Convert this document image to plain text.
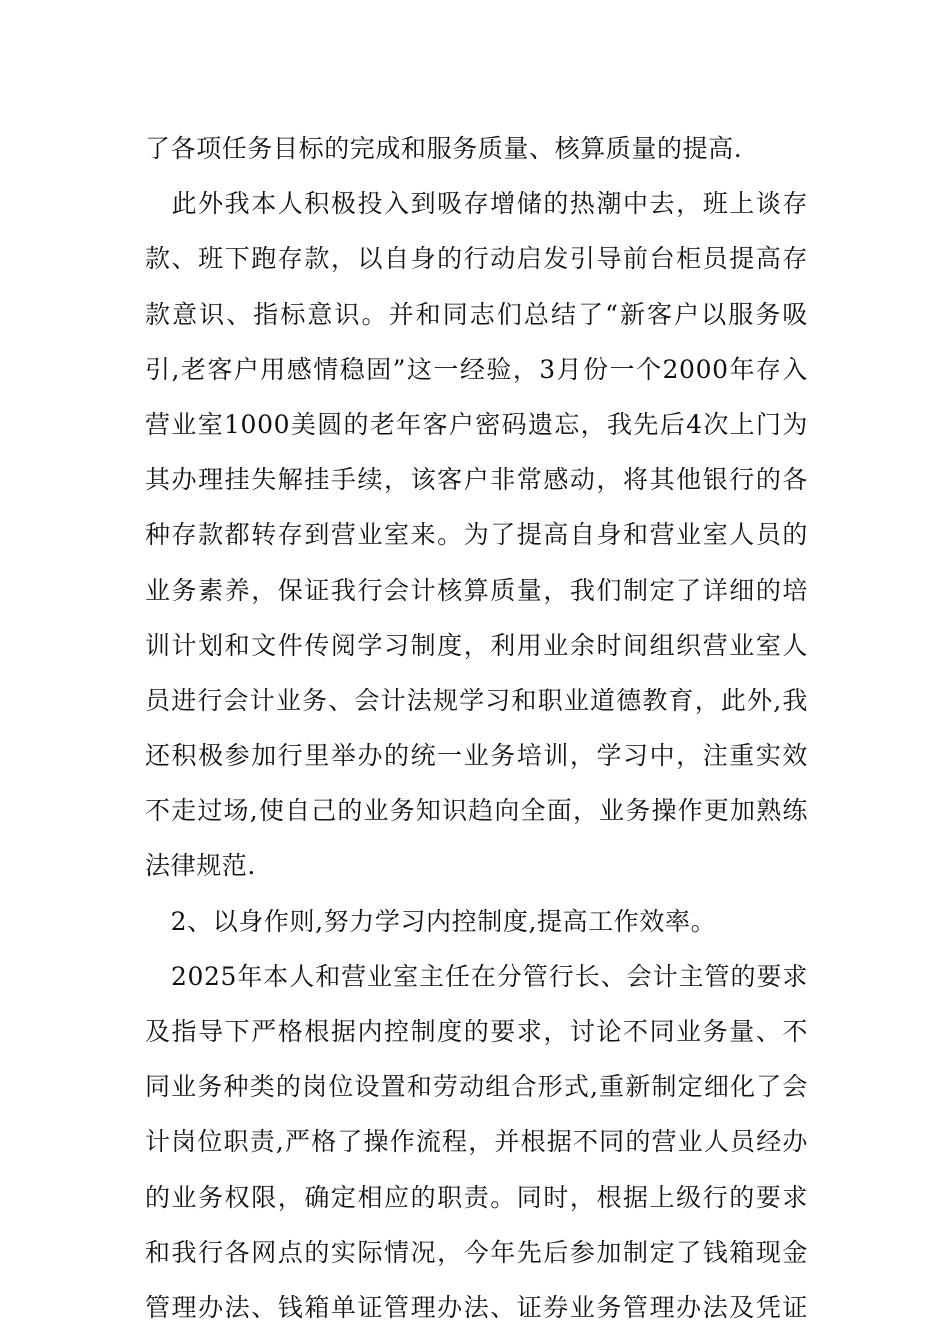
了各项任务目标的完成和服务质量、核算质量的提高.
　此外我本人积极投入到吸存增储的热潮中去，班上谈存
款、班下跑存款，以自身的行动启发引导前台柜员提高存
款意识、指标意识。并和同志们总结了“新客户以服务吸
引,老客户用感情稳固”这一经验，3月份一个2000年存入
营业室1000美圆的老年客户密码遗忘，我先后4次上门为
其办理挂失解挂手续，该客户非常感动，将其他银行的各
种存款都转存到营业室来。为了提高自身和营业室人员的
业务素养，保证我行会计核算质量，我们制定了详细的培
训计划和文件传阅学习制度，利用业余时间组织营业室人
员进行会计业务、会计法规学习和职业道德教育，此外,我
还积极参加行里举办的统一业务培训，学习中，注重实效
不走过场,使自己的业务知识趋向全面，业务操作更加熟练
法律规范.
　2、以身作则,努力学习内控制度,提高工作效率。
　2025年本人和营业室主任在分管行长、会计主管的要求
及指导下严格根据内控制度的要求，讨论不同业务量、不
同业务种类的岗位设置和劳动组合形式,重新制定细化了会
计岗位职责,严格了操作流程，并根据不同的营业人员经办
的业务权限，确定相应的职责。同时，根据上级行的要求
和我行各网点的实际情况，今年先后参加制定了钱箱现金
管理办法、钱箱单证管理办法、证券业务管理办法及凭证
